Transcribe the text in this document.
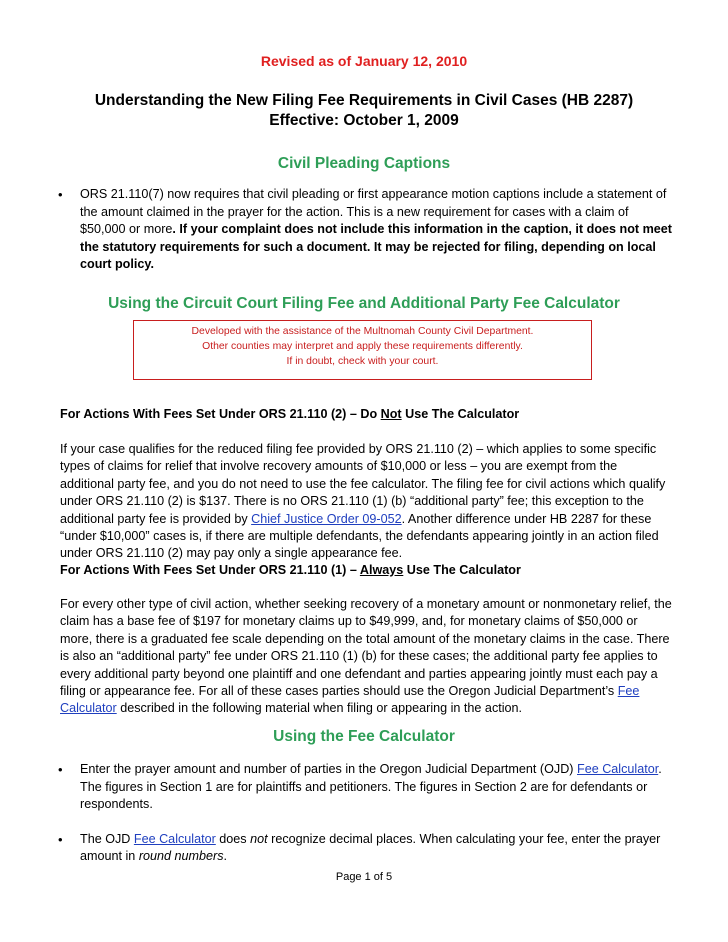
Revised as of January 12, 2010
Understanding the New Filing Fee Requirements in Civil Cases (HB 2287)
Effective: October 1, 2009
Civil Pleading Captions
• ORS 21.110(7) now requires that civil pleading or first appearance motion captions include a statement of the amount claimed in the prayer for the action. This is a new requirement for cases with a claim of $50,000 or more. If your complaint does not include this information in the caption, it does not meet the statutory requirements for such a document. It may be rejected for filing, depending on local court policy.
Using the Circuit Court Filing Fee and Additional Party Fee Calculator
Developed with the assistance of the Multnomah County Civil Department.
Other counties may interpret and apply these requirements differently.
If in doubt, check with your court.
For Actions With Fees Set Under ORS 21.110 (2) – Do Not Use The Calculator
If your case qualifies for the reduced filing fee provided by ORS 21.110 (2) – which applies to some specific types of claims for relief that involve recovery amounts of $10,000 or less – you are exempt from the additional party fee, and you do not need to use the fee calculator. The filing fee for civil actions which qualify under ORS 21.110 (2) is $137. There is no ORS 21.110 (1) (b) “additional party” fee; this exception to the additional party fee is provided by Chief Justice Order 09-052. Another difference under HB 2287 for these “under $10,000” cases is, if there are multiple defendants, the defendants appearing jointly in an action filed under ORS 21.110 (2) may pay only a single appearance fee.
For Actions With Fees Set Under ORS 21.110 (1) – Always Use The Calculator
For every other type of civil action, whether seeking recovery of a monetary amount or nonmonetary relief, the claim has a base fee of $197 for monetary claims up to $49,999, and, for monetary claims of $50,000 or more, there is a graduated fee scale depending on the total amount of the monetary claims in the case. There is also an “additional party” fee under ORS 21.110 (1) (b) for these cases; the additional party fee applies to every additional party beyond one plaintiff and one defendant and parties appearing jointly must each pay a filing or appearance fee. For all of these cases parties should use the Oregon Judicial Department’s Fee Calculator described in the following material when filing or appearing in the action.
Using the Fee Calculator
• Enter the prayer amount and number of parties in the Oregon Judicial Department (OJD) Fee Calculator. The figures in Section 1 are for plaintiffs and petitioners. The figures in Section 2 are for defendants or respondents.
• The OJD Fee Calculator does not recognize decimal places. When calculating your fee, enter the prayer amount in round numbers.
Page 1 of 5
